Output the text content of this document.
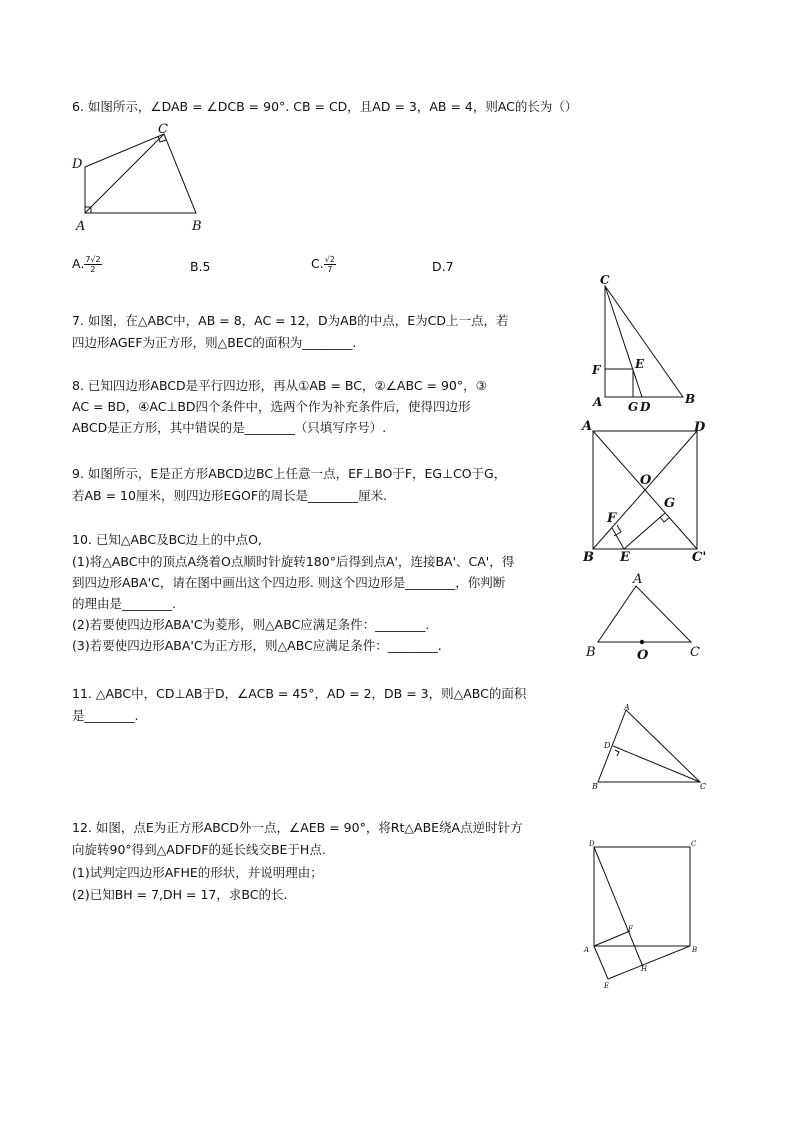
6. 如图所示，∠DAB = ∠DCB = 90°. CB = CD，且AD = 3，AB = 4，则AC的长为（）

D
C
A	B
A. $\frac{7√2}{2}$	B.5	C. $\frac{√2}{7}$	D.7

7. 如图，在△ABC中，AB = 8，AC = 12，D为AB的中点，E为CD上一点，若

四边形AGEF为正方形，则△BEC的面积为________.

C
F	E
A G D
B

8. 已知四边形ABCD是平行四边形，再从①AB = BC，②∠ABC = 90°，③

AC = BD，④AC⊥BD四个条件中，选两个作为补充条件后，使得四边形

ABCD是正方形，其中错误的是________（只填写序号）.

9. 如图所示，E是正方形ABCD边BC上任意一点，EF⊥BO于F，EG⊥CO于G，

若AB = 10厘米，则四边形EGOF的周长是________厘米.

A	D
O
G
F
B E	C'

10. 已知△ABC及BC边上的中点O,

(1)将△ABC中的顶点A绕着O点顺时针旋转180°后得到点A'，连接BA'、CA'，得

到四边形ABA'C，请在图中画出这个四边形. 则这个四边形是________，你判断

的理由是________.

(2)若要使四边形ABA'C为菱形，则△ABC应满足条件：________.

(3)若要使四边形ABA'C为正方形，则△ABC应满足条件：________.

A
B	O	C

11. △ABC中，CD⊥AB于D，∠ACB = 45°，AD = 2，DB = 3，则△ABC的面积

是________.

A
D
B	C

12. 如图，点E为正方形ABCD外一点，∠AEB = 90°，将Rt△ABE绕A点逆时针方

向旋转90°得到△ADFDF的延长线交BE于H点.

(1)试判定四边形AFHE的形状，并说明理由；

(2)已知BH = 7,DH = 17，求BC的长.

D	C
F
A	B
H
E
